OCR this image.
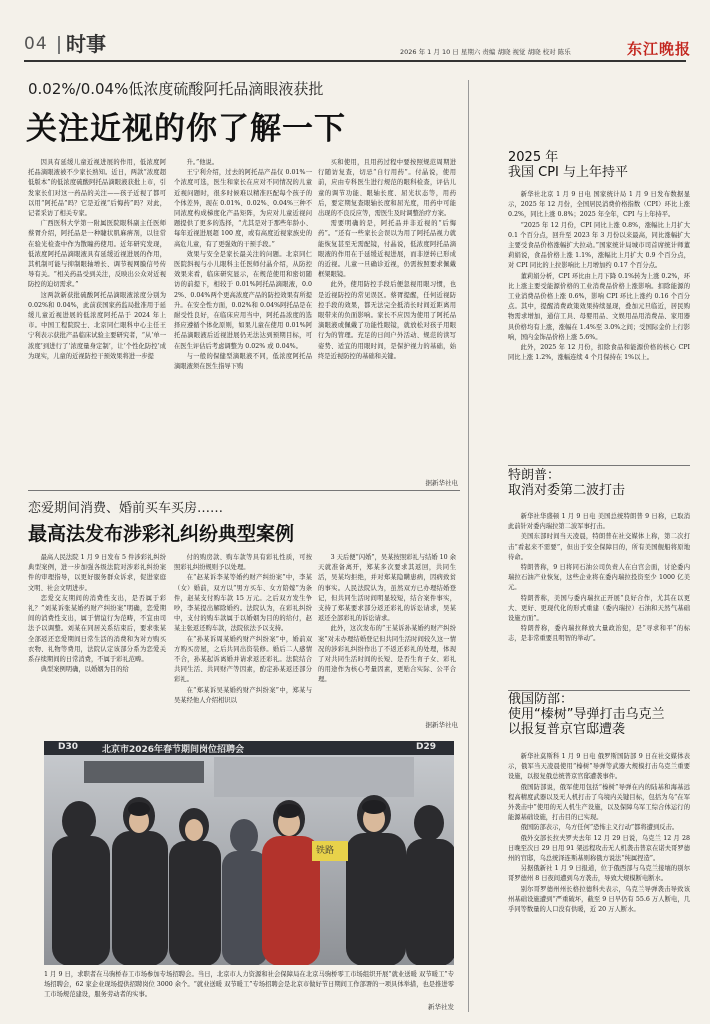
04 时事	2026 年 1 月 10 日 星期六 责编 胡晓 视觉 胡晓 校对 陈乐	东江晚报
0.02%/0.04%低浓度硫酸阿托品滴眼液获批
关注近视的你了解一下

因具有延缓儿童近视进展的作用，低浓度阿托品滴眼液被不少家长熟知。近日，两款“浓度超低版本”的低浓度硫酸阿托品滴眼液获批上市，引发家长们对这一药品的关注——孩子近视了都可以用“阿托品”吗？它是近视“后悔药”吗？对此，记者采访了相关专家。

广西医科大学第一附属医院眼科副主任医师蔡胥介绍，阿托品是一种睫状肌麻痹剂，以往常在验光检查中作为散瞳药使用。近年研究发现，低浓度阿托品滴眼液具有延缓近视进展的作用，其机制可能与抑制眼轴增长、调节视网膜信号传导有关。“相关药品受到关注，反映出公众对近视防控的迫切需求。”

这两款新获批硫酸阿托品滴眼液浓度分别为 0.02%和 0.04%，此前获国家药监局批准用于延缓儿童近视进展的低浓度阿托品于 2024 年上市。中国工程院院士、北京同仁眼科中心主任王宁利表示获批产品临床试验主要研究者，“从‘单一浓度’到进行了‘浓度量身定制’，让‘个性化防控’成为现实，儿童的近视防控干预效果将进一步提

升。”他说。

王宁利介绍，过去的阿托品产品仅 0.01%一个浓度可选，医生和家长在应对不同情况的儿童近视问题时，很多时候难以精准匹配每个孩子的个体差异，现在 0.01%、0.02%、0.04%三种不同浓度构成梯度化产品矩阵，为应对儿童近视问题提供了更多的选择，“尤其是对于那些年龄小、每年近视进展超 100 度，或有高度近视家族史的高危儿童，有了更强效的干预手段。”

效果与安全是家长最关注的问题。北京同仁医院斜视与小儿眼科主任医师付晶介绍，从防控效果来看，临床研究显示，在规范使用和密切随访的前提下，相较于 0.01%阿托品滴眼液，0.02%、0.04%两个更高浓度产品的防控效果有所提升。在安全性方面，0.02%和 0.04%阿托品是在耐受性良好，在临床应用当中，阿托品浓度的选择应遵循个体化原则，如果儿童在使用 0.01%阿托品滴眼液后近视进展仍无法达到预期目标，可在医生评估后考虑调整为 0.02% 或 0.04%。

与一般的保健型滴眼液不同，低浓度阿托品滴眼液须在医生指导下购

买和使用，且用药过程中要按照规范周期进行随访复查，切忌“自行用药”。付晶说，使用前，应由专科医生进行规范的眼科检查，评估儿童的调节功能、眼轴长度、屈光状态等，用药后，要定期复查眼轴长度和屈光度，用药中可能出现的不良反应等，需医生及时调整治疗方案。

需要明确的是，阿托品并非近视的“后悔药”。“还有一些家长会误以为用了阿托品视力就能恢复甚至无需配镜，付晶说，低浓度阿托品滴眼液的作用在于延缓近视进展，而非逆转已形成的近视。儿童一旦确诊近视，仍需按照要求佩戴框架眼镜。

此外，使用防控手段后便忽视用眼习惯，也是近视防控的常见误区。蔡胥提醒，任何近视防控手段的效果，都无法完全抵消长时间近距离用眼带来的负面影响。家长不应因为使用了阿托品滴眼液或佩戴了功能性眼镜，就放松对孩子用眼行为的管理。充足的日间户外活动、规范的读写姿势、适宜的用眼时间，是保护视力的基础，始终是近视防控的基础和关键。

据新华社电
恋爱期间消费、婚前买车买房……
最高法发布涉彩礼纠纷典型案例

最高人民法院 1 月 9 日发布 5 件涉彩礼纠纷典型案例，进一步加强各级法院对涉彩礼纠纷案件的审理指导，以更好服务群众诉求，促进家庭文明、社会文明进步。

恋爱交友期间的消费性支出，是否属于彩礼？”刘某诉张某婚约财产纠纷案”明确，恋爱期间的消费性支出，属于情谊行为范畴，不宜由司法予以调整。刘某在同居关系结束后，要求张某全部返还恋爱期间日常生活的消费和为对方购买衣物、礼物等费用，法院认定该部分系为恋爱关系存续期间的日常消费，不属于彩礼范畴。

典型案例明确，以婚姻为目的给

付的购房款、购车款等具有彩礼性质，可按照彩礼纠纷规则予以处理。

在“赵某诉李某等婚约财产纠纷案”中，李某（女）婚前，双方以“男方买车、女方陪嫁”为条件，赵某支付购车款 15 万元。之后双方发生争吵，李某提出解除婚约。法院认为，在彩礼纠纷中，支付的购车款属于以婚姻为目的的给付，赵某主张返还购车款，法院依法予以支持。

在“孙某诉周某婚约财产纠纷案”中，婚前双方购买房屋，之后共同出资装修。婚后二人感情不合，孙某起诉离婚并请求返还彩礼。法院结合共同生活、共同财产等因素，酌定孙某返还部分彩礼。

在“郑某诉吴某婚约财产纠纷案”中，郑某与吴某经他人介绍相识以

3 天后便“闪婚”，吴某按照彩礼与结婚 10 余天就准备离开，郑某多次要求其返回，共同生活，吴某均拒绝，并对郑某隐瞒患病，因病致贫的事实。人民法院认为，虽然双方已办理结婚登记，但共同生活时间明显较短，结合案件事实，支持了郑某要求部分返还彩礼的诉讼请求，吴某返还全部彩礼的诉讼请求。

此外，这次发布的“王某诉孙某婚约财产纠纷案”对未办理结婚登记但共同生活时间较久这一情况的涉彩礼纠纷作出了不返还彩礼的处理，体现了对共同生活时间的长短、是否生育子女、彩礼的用途作为核心考量因素，更贴合实际、公平合理。

据新华社电
D30	北京市2026年春节期间岗位招聘会	D29
铁路
1 月 9 日，求职者在马驹桥春工市场参加专场招聘会。当日，北京市人力资源和社会保障局在北京马驹桥零工市场组织开展“就业送暖 双节暖工”专场招聘会，62 家企业现场提供招聘岗位 3000 余个。“就业送暖 双节暖工”专场招聘会是北京市做好节日期间工作部署的一项具体举措，也是推进零工市场规范建设，服务劳动者的实事。
新华社发
2025 年
我国 CPI 与上年持平

新华社北京 1 月 9 日电 国家统计局 1 月 9 日发布数据显示，2025 年 12 月份，全国居民消费价格指数（CPI）环比上涨 0.2%，同比上涨 0.8%；2025 年全年，CPI 与上年持平。

“2025 年 12 月份，CPI 同比上涨 0.8%，涨幅比上月扩大 0.1 个百分点，回升至 2023 年 3 月份以来最高，同比涨幅扩大主要受食品价格涨幅扩大拉动。”国家统计局城市司首席统计师董莉娟说，食品价格上涨 1.1%，涨幅比上月扩大 0.9 个百分点，对 CPI 同比的上拉影响比上月增加约 0.17 个百分点。

董莉娟分析，CPI 环比由上月下降 0.1%转为上涨 0.2%，环比上涨主要受能源价格的工业消费品价格上涨影响。扣除能源的工业消费品价格上涨 0.6%，影响 CPI 环比上涨约 0.16 个百分点。其中，提醒消费政策效果持续显现，叠加元旦临近，居民购物需求增加，通信工具、母婴用品、文娱用品用消费品、家用器具价格均有上涨，涨幅在 1.4%至 3.0%之间；受国际金价上行影响，国内金饰品价格上涨 5.6%。

此外，2025 年 12 月份，扣除食品和能源价格的核心 CPI 同比上涨 1.2%，涨幅连续 4 个月保持在 1%以上。

特朗普：
取消对委第二波打击

新华社华盛顿 1 月 9 日电 美国总统特朗普 9 日称，已取消此前针对委内瑞拉第二波军事打击。

美国东部时间当天凌晨，特朗普在社交媒体上称，第二次打击“看起来不需要”，但出于安全保障目的，所有美国舰船将原地待命。

特朗普称，9 日将同石油公司负责人在白宫会面，讨论委内瑞拉石油产业恢复，这些企业将在委内瑞拉投资至少 1000 亿美元。

特朗普称，美国与委内瑞拉正开展“良好合作，尤其在以更大、更好、更现代化的形式重建（委内瑞拉）石油和天然气基础设施方面”。

特朗普称，委内瑞拉释放大量政治犯，是“寻求和平”的标志，是非常重要且明智的举动”。

俄国防部：
使用“榛树”导弹打击乌克兰
以报复普京官邸遭袭

新华社莫斯科 1 月 9 日电 俄罗斯国防部 9 日在社交媒体表示，俄军当天凌晨使用“榛树”导弹等武器大规模打击乌克兰重要设施，以报复俄总统普京官邸遭袭事件。

俄国防部说，俄军使用包括“榛树”导弹在内的陆基和海基远程高精度武器以及无人机打击了乌境内关键目标，包括为乌“在军外袭击中”使用的无人机生产设施，以及保障乌军工综合体运行的能源基础设施，打击目的已实现。

俄国防部表示，乌方任何“恐怖主义行动”都将遭到反击。

俄外交部长拉夫罗夫去年 12 月 29 日说，乌克兰 12 月 28 日晚至次日 29 日用 91 架远程攻击无人机袭击普京在诺夫哥罗德州的官邸，乌总统泽连斯基则称俄方说法“纯属捏造”。

另据俄新社 1 月 9 日报道，位于俄西部与乌克兰接壤的别尔哥罗德州 8 日夜间遭到乌方袭击，导致大规模断电断水。

别尔哥罗德州州长格拉德科夫表示，乌克兰导弹袭击导致该州基础设施遭到“严重破坏，截至 9 日早仍有 55.6 万人断电，几乎同等数量的人口没有供暖，近 20 万人断水。
